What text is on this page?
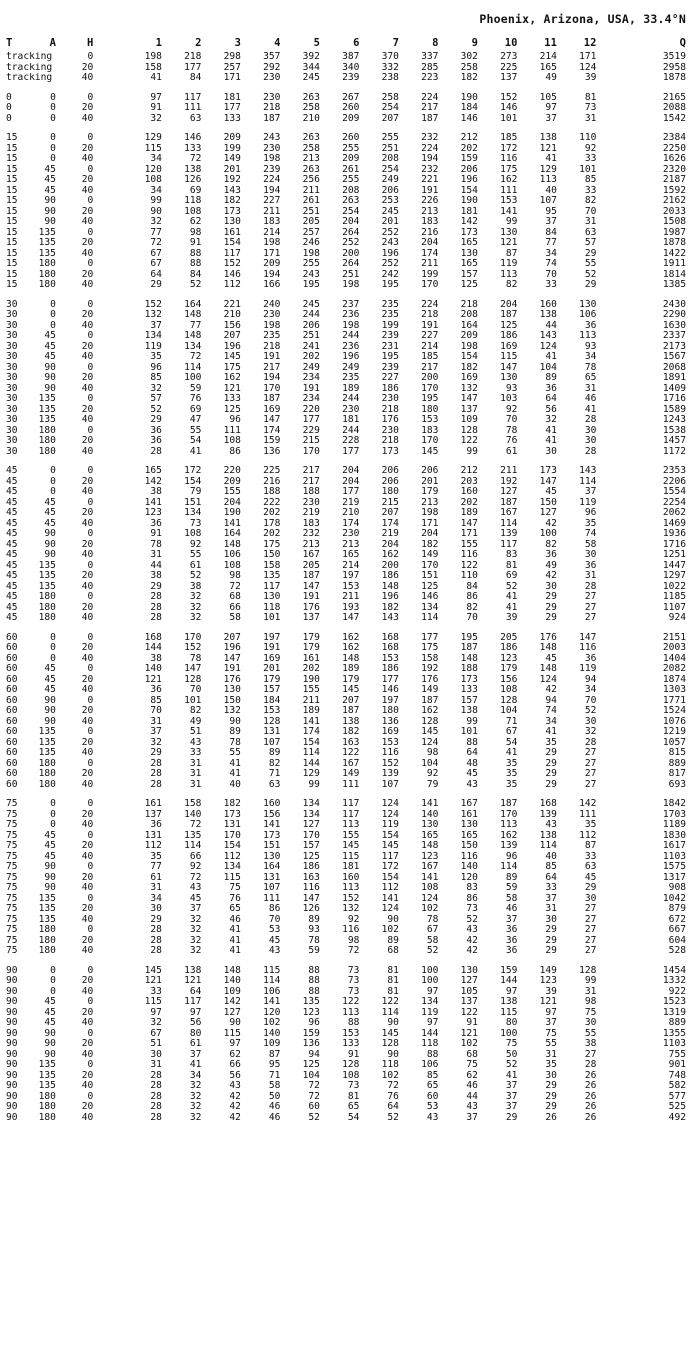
Phoenix, Arizona, USA, 33.4°N
T	A	H	1	2	3	4	5	6	7	8	9	10	11	12	Q
tracking		0	198	218	298	357	392	387	370	337	302	273	214	171	3519
tracking		20	158	177	257	292	344	340	332	285	258	225	165	124	2958
tracking		40	41	84	171	230	245	239	238	223	182	137	49	39	1878

0	0	0	97	117	181	230	263	267	258	224	190	152	105	81	2165
0	0	20	91	111	177	218	258	260	254	217	184	146	97	73	2088
0	0	40	32	63	133	187	210	209	207	187	146	101	37	31	1542

15	0	0	129	146	209	243	263	260	255	232	212	185	138	110	2384
15	0	20	115	133	199	230	258	255	251	224	202	172	121	92	2250
15	0	40	34	72	149	198	213	209	208	194	159	116	41	33	1626
15	45	0	120	138	201	239	263	261	254	232	206	175	129	101	2320
15	45	20	108	126	192	224	256	255	249	221	196	162	113	85	2187
15	45	40	34	69	143	194	211	208	206	191	154	111	40	33	1592
15	90	0	99	118	182	227	261	263	253	226	190	153	107	82	2162
15	90	20	90	108	173	211	251	254	245	213	181	141	95	70	2033
15	90	40	32	62	130	183	205	204	201	183	142	99	37	31	1508
15	135	0	77	98	161	214	257	264	252	216	173	130	84	63	1987
15	135	20	72	91	154	198	246	252	243	204	165	121	77	57	1878
15	135	40	67	88	117	171	198	200	196	174	130	87	34	29	1422
15	180	0	67	88	152	209	255	264	252	211	165	119	74	55	1911
15	180	20	64	84	146	194	243	251	242	199	157	113	70	52	1814
15	180	40	29	52	112	166	195	198	195	170	125	82	33	29	1385

30	0	0	152	164	221	240	245	237	235	224	218	204	160	130	2430
30	0	20	132	148	210	230	244	236	235	218	208	187	138	106	2290
30	0	40	37	77	156	198	206	198	199	191	164	125	44	36	1630
30	45	0	134	148	207	235	251	244	239	227	209	186	143	113	2337
30	45	20	119	134	196	218	241	236	231	214	198	169	124	93	2173
30	45	40	35	72	145	191	202	196	195	185	154	115	41	34	1567
30	90	0	96	114	175	217	249	249	239	217	182	147	104	78	2068
30	90	20	85	100	162	194	234	235	227	200	169	130	89	65	1891
30	90	40	32	59	121	170	191	189	186	170	132	93	36	31	1409
30	135	0	57	76	133	187	234	244	230	195	147	103	64	46	1716
30	135	20	52	69	125	169	220	230	218	180	137	92	56	41	1589
30	135	40	29	47	96	147	177	181	176	153	109	70	32	28	1243
30	180	0	36	55	111	174	229	244	230	183	128	78	41	30	1538
30	180	20	36	54	108	159	215	228	218	170	122	76	41	30	1457
30	180	40	28	41	86	136	170	177	173	145	99	61	30	28	1172

45	0	0	165	172	220	225	217	204	206	206	212	211	173	143	2353
45	0	20	142	154	209	216	217	204	206	201	203	192	147	114	2206
45	0	40	38	79	155	188	188	177	180	179	160	127	45	37	1554
45	45	0	141	151	204	222	230	219	215	213	202	187	150	119	2254
45	45	20	123	134	190	202	219	210	207	198	189	167	127	96	2062
45	45	40	36	73	141	178	183	174	174	171	147	114	42	35	1469
45	90	0	91	108	164	202	232	230	219	204	171	139	100	74	1936
45	90	20	78	92	148	175	213	213	204	182	155	117	82	58	1716
45	90	40	31	55	106	150	167	165	162	149	116	83	36	30	1251
45	135	0	44	61	108	158	205	214	200	170	122	81	49	36	1447
45	135	20	38	52	98	135	187	197	186	151	110	69	42	31	1297
45	135	40	29	38	72	117	147	153	148	125	84	52	30	28	1022
45	180	0	28	32	68	130	191	211	196	146	86	41	29	27	1185
45	180	20	28	32	66	118	176	193	182	134	82	41	29	27	1107
45	180	40	28	32	58	101	137	147	143	114	70	39	29	27	924

60	0	0	168	170	207	197	179	162	168	177	195	205	176	147	2151
60	0	20	144	152	196	191	179	162	168	175	187	186	148	116	2003
60	0	40	38	78	147	169	161	148	153	158	148	123	45	36	1404
60	45	0	140	147	191	201	202	189	186	192	188	179	148	119	2082
60	45	20	121	128	176	179	190	179	177	176	173	156	124	94	1874
60	45	40	36	70	130	157	155	145	146	149	133	108	42	34	1303
60	90	0	85	101	150	184	211	207	197	187	157	128	94	70	1771
60	90	20	70	82	132	153	189	187	180	162	138	104	74	52	1524
60	90	40	31	49	90	128	141	138	136	128	99	71	34	30	1076
60	135	0	37	51	89	131	174	182	169	145	101	67	41	32	1219
60	135	20	32	43	78	107	154	163	153	124	88	54	35	28	1057
60	135	40	29	33	55	89	114	122	116	98	64	41	29	27	815
60	180	0	28	31	41	82	144	167	152	104	48	35	29	27	889
60	180	20	28	31	41	71	129	149	139	92	45	35	29	27	817
60	180	40	28	31	40	63	99	111	107	79	43	35	29	27	693

75	0	0	161	158	182	160	134	117	124	141	167	187	168	142	1842
75	0	20	137	140	173	156	134	117	124	140	161	170	139	111	1703
75	0	40	36	72	131	141	127	113	119	130	130	113	43	35	1189
75	45	0	131	135	170	173	170	155	154	165	165	162	138	112	1830
75	45	20	112	114	154	151	157	145	145	148	150	139	114	87	1617
75	45	40	35	66	112	130	125	115	117	123	116	96	40	33	1103
75	90	0	77	92	134	164	186	181	172	167	140	114	85	63	1575
75	90	20	61	72	115	131	163	160	154	141	120	89	64	45	1317
75	90	40	31	43	75	107	116	113	112	108	83	59	33	29	908
75	135	0	34	45	76	111	147	152	141	124	86	58	37	30	1042
75	135	20	30	37	65	86	126	132	124	102	73	46	31	27	879
75	135	40	29	32	46	70	89	92	90	78	52	37	30	27	672
75	180	0	28	32	41	53	93	116	102	67	43	36	29	27	667
75	180	20	28	32	41	45	78	98	89	58	42	36	29	27	604
75	180	40	28	32	41	43	59	72	68	52	42	36	29	27	528

90	0	0	145	138	148	115	88	73	81	100	130	159	149	128	1454
90	0	20	121	121	140	114	88	73	81	100	127	144	123	99	1332
90	0	40	33	64	109	106	88	73	81	97	105	97	39	31	922
90	45	0	115	117	142	141	135	122	122	134	137	138	121	98	1523
90	45	20	97	97	127	120	123	113	114	119	122	115	97	75	1319
90	45	40	32	56	90	102	96	88	90	97	91	80	37	30	889
90	90	0	67	80	115	140	159	153	145	144	121	100	75	55	1355
90	90	20	51	61	97	109	136	133	128	118	102	75	55	38	1103
90	90	40	30	37	62	87	94	91	90	88	68	50	31	27	755
90	135	0	31	41	66	95	125	128	118	106	75	52	35	28	901
90	135	20	28	34	56	71	104	108	102	85	62	41	30	26	748
90	135	40	28	32	43	58	72	73	72	65	46	37	29	26	582
90	180	0	28	32	42	50	72	81	76	60	44	37	29	26	577
90	180	20	28	32	42	46	60	65	64	53	43	37	29	26	525
90	180	40	28	32	42	46	52	54	52	43	37	29	26	26	492
